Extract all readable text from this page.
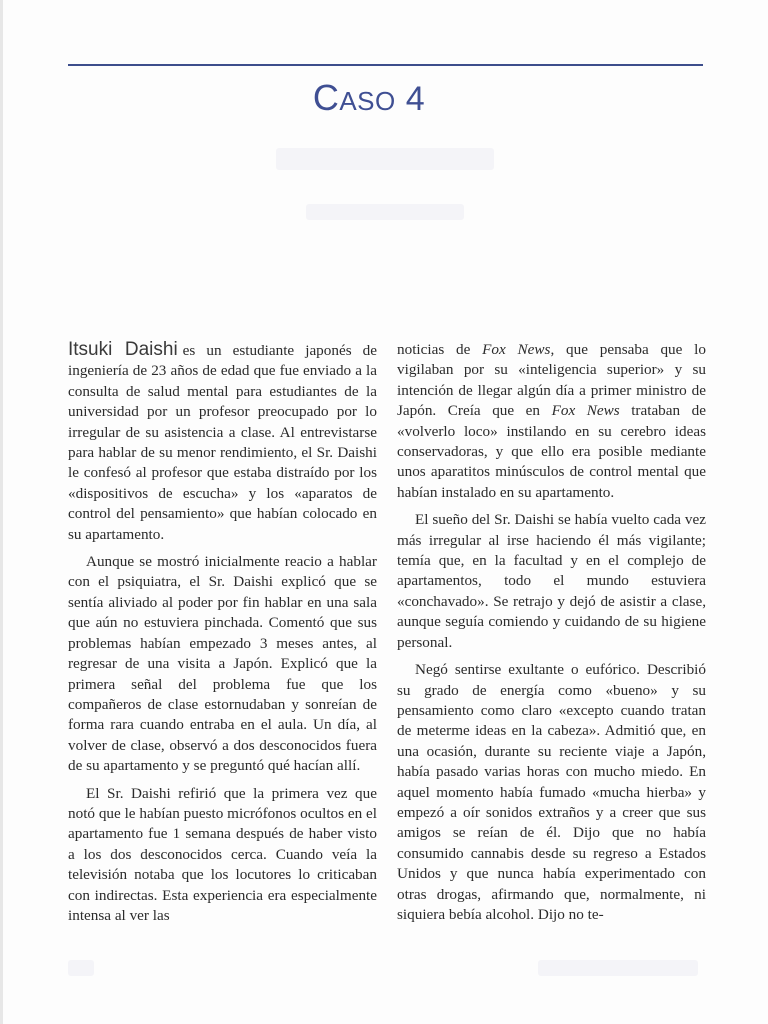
CASO 4

Itsuki Daishi es un estudiante japonés de ingeniería de 23 años de edad que fue enviado a la consulta de salud mental para estudiantes de la universidad por un profesor preocupado por lo irregular de su asistencia a clase. Al entrevistarse para hablar de su menor rendimiento, el Sr. Daishi le confesó al profesor que estaba distraído por los «dispositivos de escucha» y los «aparatos de control del pensamiento» que habían colocado en su apartamento.

Aunque se mostró inicialmente reacio a hablar con el psiquiatra, el Sr. Daishi explicó que se sentía aliviado al poder por fin hablar en una sala que aún no estuviera pinchada. Comentó que sus problemas habían empezado 3 meses antes, al regresar de una visita a Japón. Explicó que la primera señal del problema fue que los compañeros de clase estornudaban y sonreían de forma rara cuando entraba en el aula. Un día, al volver de clase, observó a dos desconocidos fuera de su apartamento y se preguntó qué hacían allí.

El Sr. Daishi refirió que la primera vez que notó que le habían puesto micrófonos ocultos en el apartamento fue 1 semana después de haber visto a los dos desconocidos cerca. Cuando veía la televisión notaba que los locutores lo criticaban con indirectas. Esta experiencia era especialmente intensa al ver las

noticias de Fox News, que pensaba que lo vigilaban por su «inteligencia superior» y su intención de llegar algún día a primer ministro de Japón. Creía que en Fox News trataban de «volverlo loco» instilando en su cerebro ideas conservadoras, y que ello era posible mediante unos aparatitos minúsculos de control mental que habían instalado en su apartamento.

El sueño del Sr. Daishi se había vuelto cada vez más irregular al irse haciendo él más vigilante; temía que, en la facultad y en el complejo de apartamentos, todo el mundo estuviera «conchavado». Se retrajo y dejó de asistir a clase, aunque seguía comiendo y cuidando de su higiene personal.

Negó sentirse exultante o eufórico. Describió su grado de energía como «bueno» y su pensamiento como claro «excepto cuando tratan de meterme ideas en la cabeza». Admitió que, en una ocasión, durante su reciente viaje a Japón, había pasado varias horas con mucho miedo. En aquel momento había fumado «mucha hierba» y empezó a oír sonidos extraños y a creer que sus amigos se reían de él. Dijo que no había consumido cannabis desde su regreso a Estados Unidos y que nunca había experimentado con otras drogas, afirmando que, normalmente, ni siquiera bebía alcohol. Dijo no te-
